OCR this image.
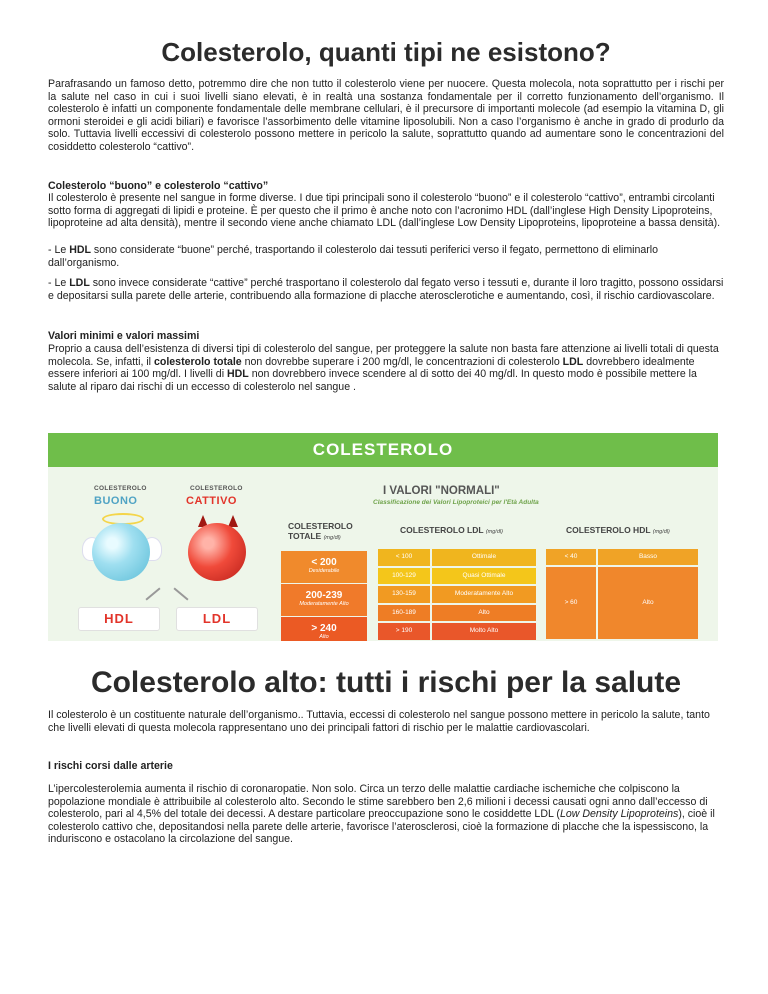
Colesterolo, quanti tipi ne esistono?

Parafrasando un famoso detto, potremmo dire che non tutto il colesterolo viene per nuocere. Questa molecola, nota soprattutto per i rischi per la salute nel caso in cui i suoi livelli siano elevati, è in realtà una sostanza fondamentale per il corretto funzionamento dell’organismo. Il colesterolo è infatti un componente fondamentale delle membrane cellulari, è il precursore di importanti molecole (ad esempio la vitamina D, gli ormoni steroidei e gli acidi biliari) e favorisce l’assorbimento delle vitamine liposolubili. Non a caso l’organismo è anche in grado di produrlo da solo. Tuttavia livelli eccessivi di colesterolo possono mettere in pericolo la salute, soprattutto quando ad aumentare sono le concentrazioni del cosiddetto colesterolo “cattivo”.

Colesterolo “buono” e colesterolo “cattivo”

Il colesterolo è presente nel sangue in forme diverse. I due tipi principali sono il colesterolo “buono” e il colesterolo “cattivo”, entrambi circolanti sotto forma di aggregati di lipidi e proteine. È per questo che il primo è anche noto con l’acronimo HDL (dall’inglese High Density Lipoproteins, lipoproteine ad alta densità), mentre il secondo viene anche chiamato LDL (dall’inglese Low Density Lipoproteins, lipoproteine a bassa densità).

- Le HDL sono considerate “buone” perché, trasportando il colesterolo dai tessuti periferici verso il fegato, permettono di eliminarlo dall’organismo.

- Le LDL sono invece considerate “cattive” perché trasportano il colesterolo dal fegato verso i tessuti e, durante il loro tragitto, possono ossidarsi e depositarsi sulla parete delle arterie, contribuendo alla formazione di placche aterosclerotiche e aumentando, così, il rischio cardiovascolare.

Valori minimi e valori massimi

Proprio a causa dell’esistenza di diversi tipi di colesterolo del sangue, per proteggere la salute non basta fare attenzione ai livelli totali di questa molecola. Se, infatti, il colesterolo totale non dovrebbe superare i 200 mg/dl, le concentrazioni di colesterolo LDL dovrebbero idealmente essere inferiori ai 100 mg/dl. I livelli di HDL non dovrebbero invece scendere al di sotto dei 40 mg/dl. In questo modo è possibile mettere la salute al riparo dai rischi di un eccesso di colesterolo nel sangue .

COLESTEROLO
COLESTEROLO
BUONO
COLESTEROLO
CATTIVO
HDL	LDL
I VALORI "NORMALI"
Classificazione dei Valori Lipoproteici per l'Età Adulta
COLESTEROLO
TOTALE (mg/dl)
COLESTEROLO LDL (mg/dl)	COLESTEROLO HDL (mg/dl)
< 200
Desiderabile
200-239
Moderatamente Alto
> 240
Alto
< 100	Ottimale
100-129	Quasi Ottimale
130-159	Moderatamente Alto
160-189	Alto
> 190	Molto Alto
< 40	Basso
> 60	Alto
Colesterolo alto: tutti i rischi per la salute

Il colesterolo è un costituente naturale dell’organismo.. Tuttavia, eccessi di colesterolo nel sangue possono mettere in pericolo la salute, tanto che livelli elevati di questa molecola rappresentano uno dei principali fattori di rischio per le malattie cardiovascolari.

I rischi corsi dalle arterie

L’ipercolesterolemia aumenta il rischio di coronaropatie. Non solo. Circa un terzo delle malattie cardiache ischemiche che colpiscono la popolazione mondiale è attribuibile al colesterolo alto. Secondo le stime sarebbero ben 2,6 milioni i decessi causati ogni anno dall’eccesso di colesterolo, pari al 4,5% del totale dei decessi. A destare particolare preoccupazione sono le cosiddette LDL (Low Density Lipoproteins), cioè il colesterolo cattivo che, depositandosi nella parete delle arterie, favorisce l’aterosclerosi, cioè la formazione di placche che la ispessiscono, la induriscono e ostacolano la circolazione del sangue.
